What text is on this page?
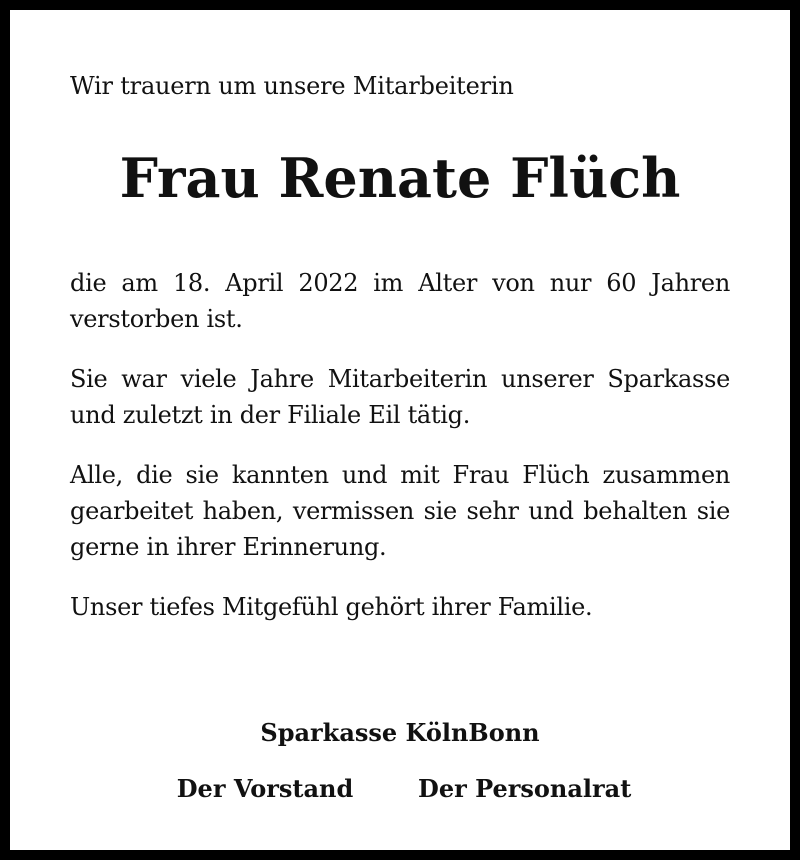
Wir trauern um unsere Mitarbeiterin
Frau Renate Flüch

die am 18. April 2022 im Alter von nur 60 Jahren verstorben ist.

Sie war viele Jahre Mitarbeiterin unserer Sparkasse und zuletzt in der Filiale Eil tätig.

Alle, die sie kannten und mit Frau Flüch zusammen gearbeitet haben, vermissen sie sehr und behalten sie gerne in ihrer Erinnerung.

Unser tiefes Mitgefühl gehört ihrer Familie.

Sparkasse KölnBonn
Der Vorstand	Der Personalrat
